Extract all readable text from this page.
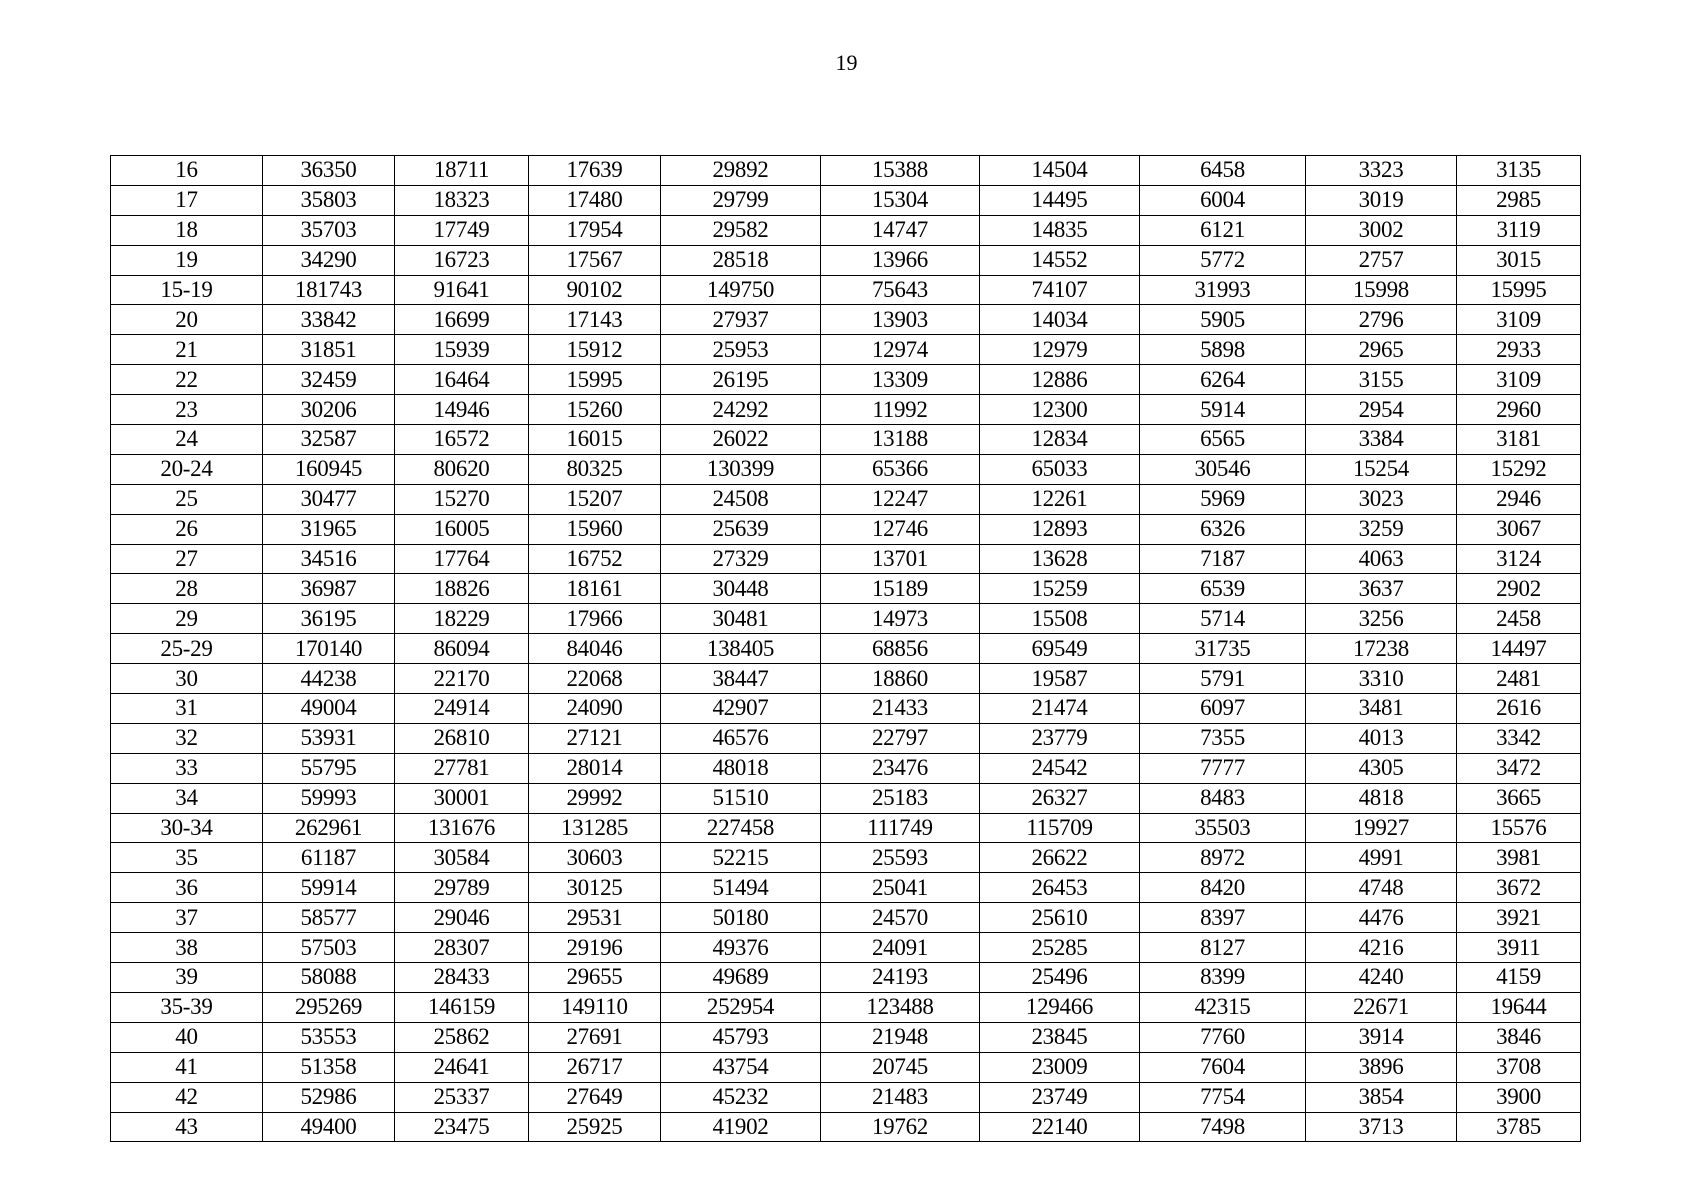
19
16	36350	18711	17639	29892	15388	14504	6458	3323	3135
17	35803	18323	17480	29799	15304	14495	6004	3019	2985
18	35703	17749	17954	29582	14747	14835	6121	3002	3119
19	34290	16723	17567	28518	13966	14552	5772	2757	3015
15-19	181743	91641	90102	149750	75643	74107	31993	15998	15995
20	33842	16699	17143	27937	13903	14034	5905	2796	3109
21	31851	15939	15912	25953	12974	12979	5898	2965	2933
22	32459	16464	15995	26195	13309	12886	6264	3155	3109
23	30206	14946	15260	24292	11992	12300	5914	2954	2960
24	32587	16572	16015	26022	13188	12834	6565	3384	3181
20-24	160945	80620	80325	130399	65366	65033	30546	15254	15292
25	30477	15270	15207	24508	12247	12261	5969	3023	2946
26	31965	16005	15960	25639	12746	12893	6326	3259	3067
27	34516	17764	16752	27329	13701	13628	7187	4063	3124
28	36987	18826	18161	30448	15189	15259	6539	3637	2902
29	36195	18229	17966	30481	14973	15508	5714	3256	2458
25-29	170140	86094	84046	138405	68856	69549	31735	17238	14497
30	44238	22170	22068	38447	18860	19587	5791	3310	2481
31	49004	24914	24090	42907	21433	21474	6097	3481	2616
32	53931	26810	27121	46576	22797	23779	7355	4013	3342
33	55795	27781	28014	48018	23476	24542	7777	4305	3472
34	59993	30001	29992	51510	25183	26327	8483	4818	3665
30-34	262961	131676	131285	227458	111749	115709	35503	19927	15576
35	61187	30584	30603	52215	25593	26622	8972	4991	3981
36	59914	29789	30125	51494	25041	26453	8420	4748	3672
37	58577	29046	29531	50180	24570	25610	8397	4476	3921
38	57503	28307	29196	49376	24091	25285	8127	4216	3911
39	58088	28433	29655	49689	24193	25496	8399	4240	4159
35-39	295269	146159	149110	252954	123488	129466	42315	22671	19644
40	53553	25862	27691	45793	21948	23845	7760	3914	3846
41	51358	24641	26717	43754	20745	23009	7604	3896	3708
42	52986	25337	27649	45232	21483	23749	7754	3854	3900
43	49400	23475	25925	41902	19762	22140	7498	3713	3785
